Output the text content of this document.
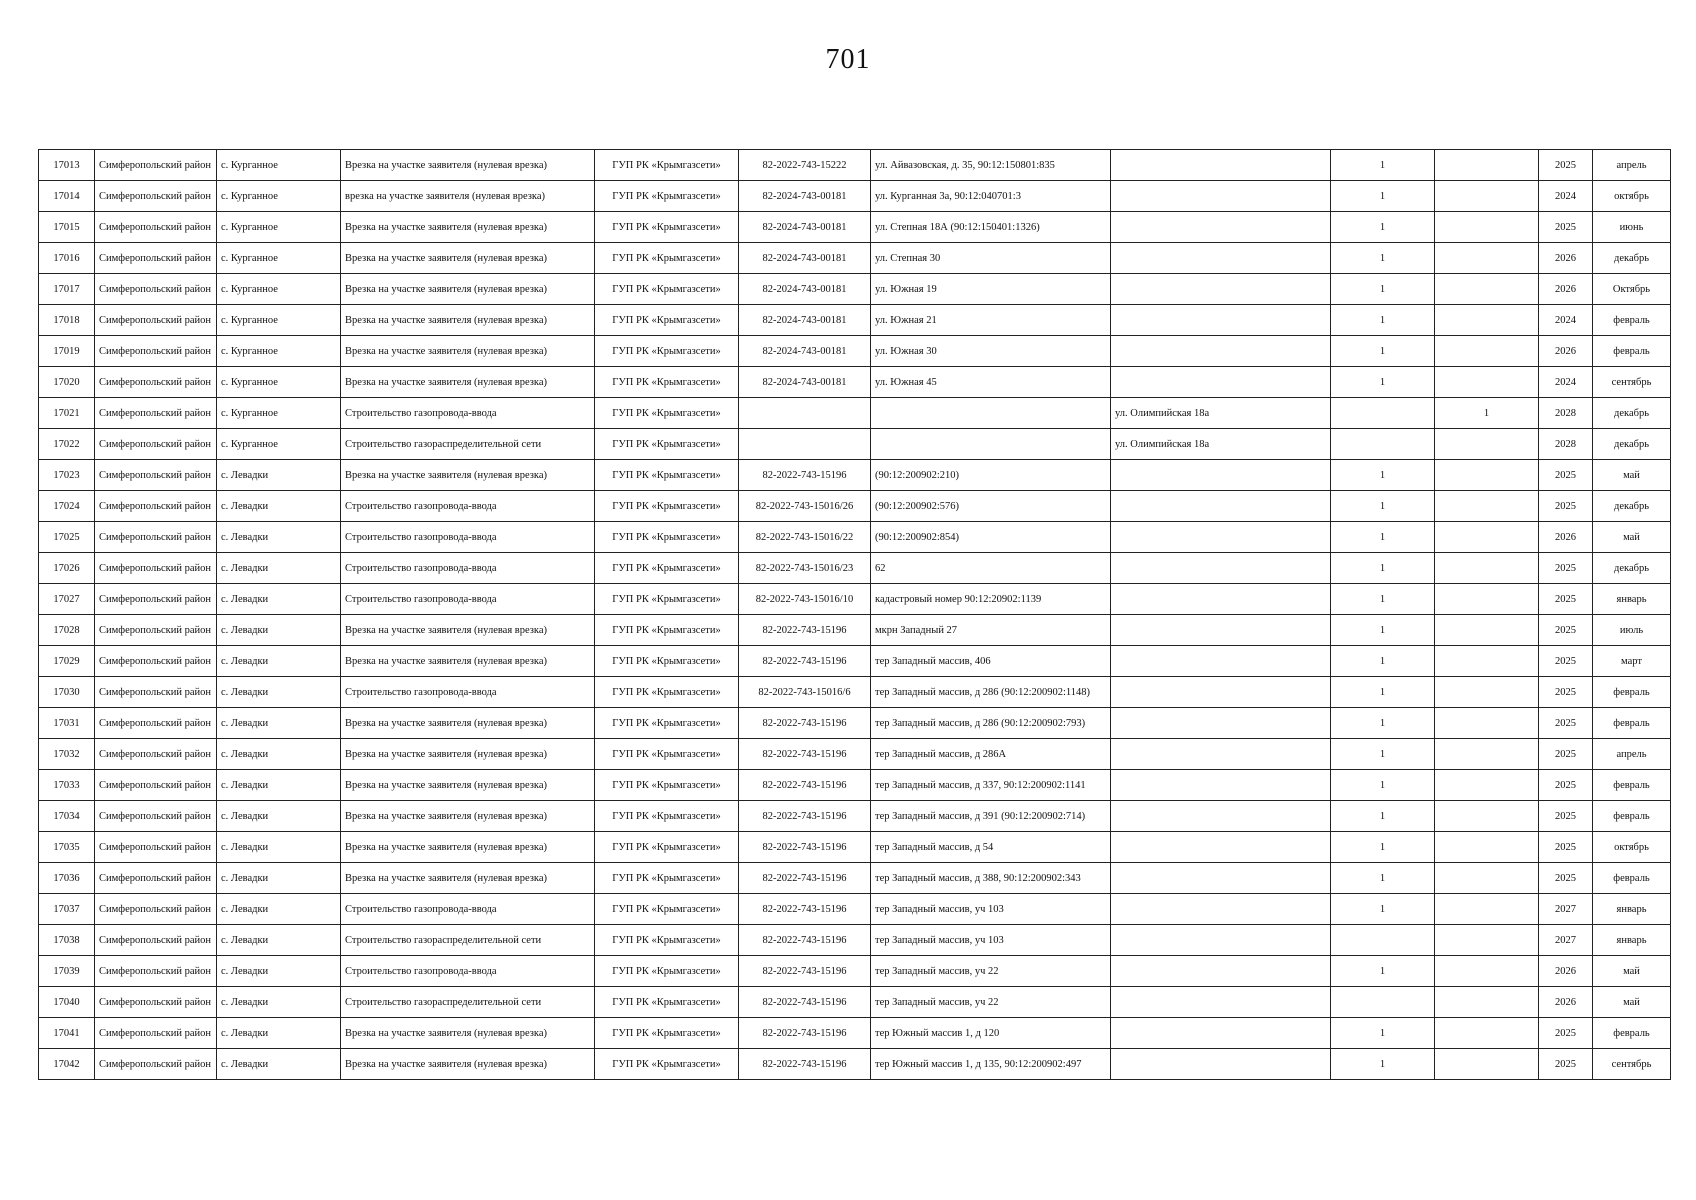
701
17013	Симферопольский район	с. Курганное	Врезка на участке заявителя (нулевая врезка)	ГУП РК «Крымгазсети»	82-2022-743-15222	ул. Айвазовская, д. 35, 90:12:150801:835		1		2025	апрель
17014	Симферопольский район	с. Курганное	врезка на участке заявителя (нулевая врезка)	ГУП РК «Крымгазсети»	82-2024-743-00181	ул. Курганная 3а, 90:12:040701:3		1		2024	октябрь
17015	Симферопольский район	с. Курганное	Врезка на участке заявителя (нулевая врезка)	ГУП РК «Крымгазсети»	82-2024-743-00181	ул. Степная 18А (90:12:150401:1326)		1		2025	июнь
17016	Симферопольский район	с. Курганное	Врезка на участке заявителя (нулевая врезка)	ГУП РК «Крымгазсети»	82-2024-743-00181	ул. Степная 30		1		2026	декабрь
17017	Симферопольский район	с. Курганное	Врезка на участке заявителя (нулевая врезка)	ГУП РК «Крымгазсети»	82-2024-743-00181	ул. Южная 19		1		2026	Октябрь
17018	Симферопольский район	с. Курганное	Врезка на участке заявителя (нулевая врезка)	ГУП РК «Крымгазсети»	82-2024-743-00181	ул. Южная 21		1		2024	февраль
17019	Симферопольский район	с. Курганное	Врезка на участке заявителя (нулевая врезка)	ГУП РК «Крымгазсети»	82-2024-743-00181	ул. Южная 30		1		2026	февраль
17020	Симферопольский район	с. Курганное	Врезка на участке заявителя (нулевая врезка)	ГУП РК «Крымгазсети»	82-2024-743-00181	ул. Южная 45		1		2024	сентябрь
17021	Симферопольский район	с. Курганное	Строительство газопровода-ввода	ГУП РК «Крымгазсети»			ул. Олимпийская 18а		1	2028	декабрь
17022	Симферопольский район	с. Курганное	Строительство газораспределительной сети	ГУП РК «Крымгазсети»			ул. Олимпийская 18а			2028	декабрь
17023	Симферопольский район	с. Левадки	Врезка на участке заявителя (нулевая врезка)	ГУП РК «Крымгазсети»	82-2022-743-15196	(90:12:200902:210)		1		2025	май
17024	Симферопольский район	с. Левадки	Строительство газопровода-ввода	ГУП РК «Крымгазсети»	82-2022-743-15016/26	(90:12:200902:576)		1		2025	декабрь
17025	Симферопольский район	с. Левадки	Строительство газопровода-ввода	ГУП РК «Крымгазсети»	82-2022-743-15016/22	(90:12:200902:854)		1		2026	май
17026	Симферопольский район	с. Левадки	Строительство газопровода-ввода	ГУП РК «Крымгазсети»	82-2022-743-15016/23	62		1		2025	декабрь
17027	Симферопольский район	с. Левадки	Строительство газопровода-ввода	ГУП РК «Крымгазсети»	82-2022-743-15016/10	кадастровый номер 90:12:20902:1139		1		2025	январь
17028	Симферопольский район	с. Левадки	Врезка на участке заявителя (нулевая врезка)	ГУП РК «Крымгазсети»	82-2022-743-15196	мкрн Западный 27		1		2025	июль
17029	Симферопольский район	с. Левадки	Врезка на участке заявителя (нулевая врезка)	ГУП РК «Крымгазсети»	82-2022-743-15196	тер Западный массив, 406		1		2025	март
17030	Симферопольский район	с. Левадки	Строительство газопровода-ввода	ГУП РК «Крымгазсети»	82-2022-743-15016/6	тер Западный массив, д 286 (90:12:200902:1148)		1		2025	февраль
17031	Симферопольский район	с. Левадки	Врезка на участке заявителя (нулевая врезка)	ГУП РК «Крымгазсети»	82-2022-743-15196	тер Западный массив, д 286 (90:12:200902:793)		1		2025	февраль
17032	Симферопольский район	с. Левадки	Врезка на участке заявителя (нулевая врезка)	ГУП РК «Крымгазсети»	82-2022-743-15196	тер Западный массив, д 286А		1		2025	апрель
17033	Симферопольский район	с. Левадки	Врезка на участке заявителя (нулевая врезка)	ГУП РК «Крымгазсети»	82-2022-743-15196	тер Западный массив, д 337, 90:12:200902:1141		1		2025	февраль
17034	Симферопольский район	с. Левадки	Врезка на участке заявителя (нулевая врезка)	ГУП РК «Крымгазсети»	82-2022-743-15196	тер Западный массив, д 391 (90:12:200902:714)		1		2025	февраль
17035	Симферопольский район	с. Левадки	Врезка на участке заявителя (нулевая врезка)	ГУП РК «Крымгазсети»	82-2022-743-15196	тер Западный массив, д 54		1		2025	октябрь
17036	Симферопольский район	с. Левадки	Врезка на участке заявителя (нулевая врезка)	ГУП РК «Крымгазсети»	82-2022-743-15196	тер Западный массив, д 388, 90:12:200902:343		1		2025	февраль
17037	Симферопольский район	с. Левадки	Строительство газопровода-ввода	ГУП РК «Крымгазсети»	82-2022-743-15196	тер Западный массив, уч 103		1		2027	январь
17038	Симферопольский район	с. Левадки	Строительство газораспределительной сети	ГУП РК «Крымгазсети»	82-2022-743-15196	тер Западный массив, уч 103				2027	январь
17039	Симферопольский район	с. Левадки	Строительство газопровода-ввода	ГУП РК «Крымгазсети»	82-2022-743-15196	тер Западный массив, уч 22		1		2026	май
17040	Симферопольский район	с. Левадки	Строительство газораспределительной сети	ГУП РК «Крымгазсети»	82-2022-743-15196	тер Западный массив, уч 22				2026	май
17041	Симферопольский район	с. Левадки	Врезка на участке заявителя (нулевая врезка)	ГУП РК «Крымгазсети»	82-2022-743-15196	тер Южный массив 1, д 120		1		2025	февраль
17042	Симферопольский район	с. Левадки	Врезка на участке заявителя (нулевая врезка)	ГУП РК «Крымгазсети»	82-2022-743-15196	тер Южный массив 1, д 135, 90:12:200902:497		1		2025	сентябрь
